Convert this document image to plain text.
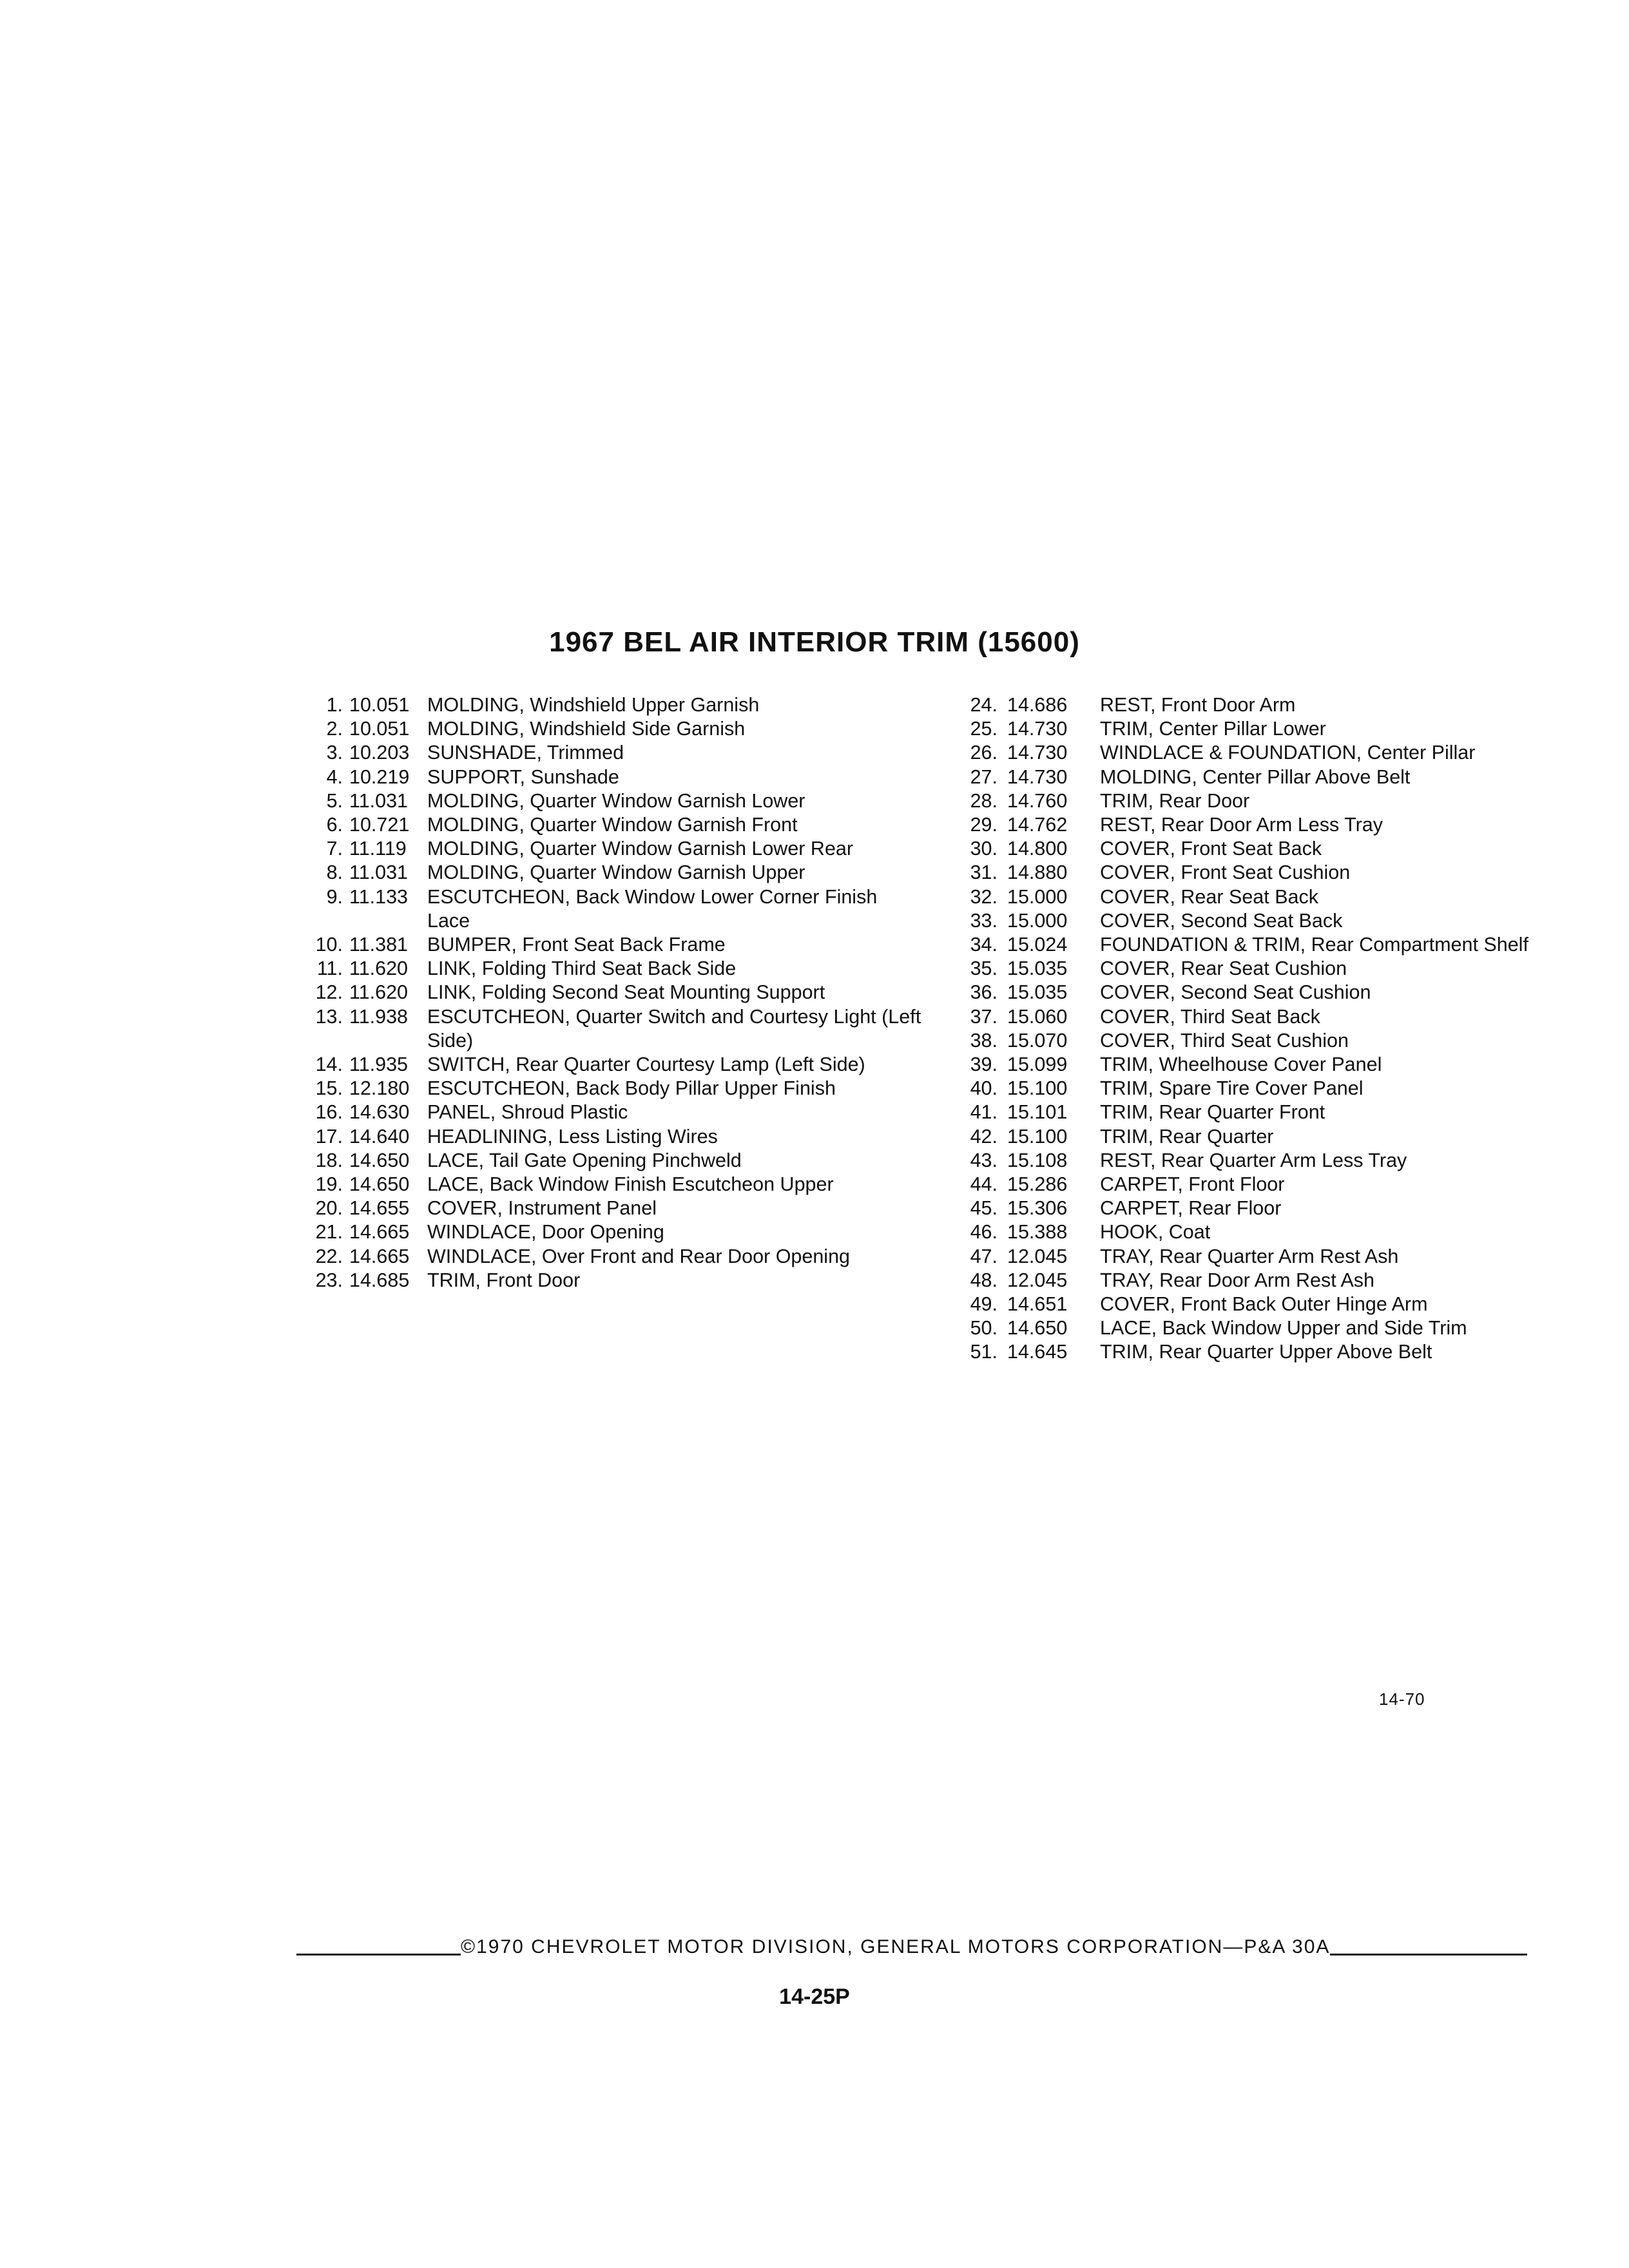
1967 BEL AIR INTERIOR TRIM (15600)
1. 10.051 MOLDING, Windshield Upper Garnish
2. 10.051 MOLDING, Windshield Side Garnish
3. 10.203 SUNSHADE, Trimmed
4. 10.219 SUPPORT, Sunshade
5. 11.031 MOLDING, Quarter Window Garnish Lower
6. 10.721 MOLDING, Quarter Window Garnish Front
7. 11.119 MOLDING, Quarter Window Garnish Lower Rear
8. 11.031 MOLDING, Quarter Window Garnish Upper
9. 11.133 ESCUTCHEON, Back Window Lower Corner Finish Lace
10. 11.381 BUMPER, Front Seat Back Frame
11. 11.620 LINK, Folding Third Seat Back Side
12. 11.620 LINK, Folding Second Seat Mounting Support
13. 11.938 ESCUTCHEON, Quarter Switch and Courtesy Light (Left Side)
14. 11.935 SWITCH, Rear Quarter Courtesy Lamp (Left Side)
15. 12.180 ESCUTCHEON, Back Body Pillar Upper Finish
16. 14.630 PANEL, Shroud Plastic
17. 14.640 HEADLINING, Less Listing Wires
18. 14.650 LACE, Tail Gate Opening Pinchweld
19. 14.650 LACE, Back Window Finish Escutcheon Upper
20. 14.655 COVER, Instrument Panel
21. 14.665 WINDLACE, Door Opening
22. 14.665 WINDLACE, Over Front and Rear Door Opening
23. 14.685 TRIM, Front Door
24. 14.686 REST, Front Door Arm
25. 14.730 TRIM, Center Pillar Lower
26. 14.730 WINDLACE & FOUNDATION, Center Pillar
27. 14.730 MOLDING, Center Pillar Above Belt
28. 14.760 TRIM, Rear Door
29. 14.762 REST, Rear Door Arm Less Tray
30. 14.800 COVER, Front Seat Back
31. 14.880 COVER, Front Seat Cushion
32. 15.000 COVER, Rear Seat Back
33. 15.000 COVER, Second Seat Back
34. 15.024 FOUNDATION & TRIM, Rear Compartment Shelf
35. 15.035 COVER, Rear Seat Cushion
36. 15.035 COVER, Second Seat Cushion
37. 15.060 COVER, Third Seat Back
38. 15.070 COVER, Third Seat Cushion
39. 15.099 TRIM, Wheelhouse Cover Panel
40. 15.100 TRIM, Spare Tire Cover Panel
41. 15.101 TRIM, Rear Quarter Front
42. 15.100 TRIM, Rear Quarter
43. 15.108 REST, Rear Quarter Arm Less Tray
44. 15.286 CARPET, Front Floor
45. 15.306 CARPET, Rear Floor
46. 15.388 HOOK, Coat
47. 12.045 TRAY, Rear Quarter Arm Rest Ash
48. 12.045 TRAY, Rear Door Arm Rest Ash
49. 14.651 COVER, Front Back Outer Hinge Arm
50. 14.650 LACE, Back Window Upper and Side Trim
51. 14.645 TRIM, Rear Quarter Upper Above Belt
14-70
©1970 CHEVROLET MOTOR DIVISION, GENERAL MOTORS CORPORATION—P&A 30A
14-25P
